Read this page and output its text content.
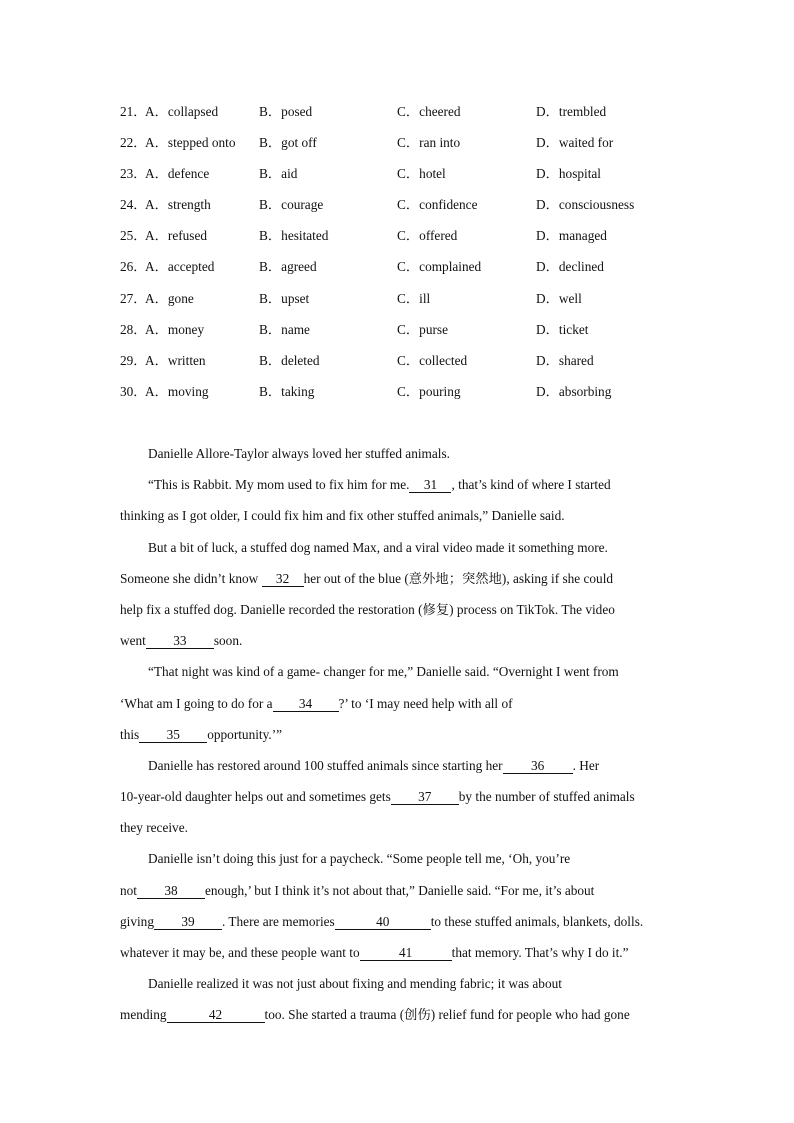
21．
A．collapsed	B．posed	C．cheered	D．trembled
22．
A．stepped onto B．got off	C．ran into	D．waited for
23．
A．defence	B．aid	C．hotel	D．hospital
24．
A．strength	B．courage	C．confidence	D．consciousness
25．
A．refused	B．hesitated	C．offered	D．managed
26．
A．accepted	B．agreed	C．complained	D．declined
27．
A．gone	B．upset	C．ill	D．well
28．
A．money	B．name	C．purse	D．ticket
29．
A．written	B．deleted	C．collected	D．shared
30．
A．moving	B．taking	C．pouring	D．absorbing
Danielle Allore-Taylor always loved her stuffed animals.
“This is Rabbit. My mom used to fix him for me. 31 , that’s kind of where I started
thinking as I got older, I could fix him and fix other stuffed animals,” Danielle said.
But a bit of luck, a stuffed dog named Max, and a viral video made it something more.
Someone she didn’t know 32 her out of the blue (意外地；突然地), asking if she could
help fix a stuffed dog. Danielle recorded the restoration (修复) process on TikTok. The video
went 33 soon.
“That night was kind of a game- changer for me,” Danielle said. “Overnight I went from
‘What am I going to do for a 34 ?’ to ‘I may need help with all of
this 35 opportunity.’”
Danielle has restored around 100 stuffed animals since starting her 36 . Her
10-year-old daughter helps out and sometimes gets 37 by the number of stuffed animals
they receive.
Danielle isn’t doing this just for a paycheck. “Some people tell me, ‘Oh, you’re
not 38 enough,’ but I think it’s not about that,” Danielle said. “For me, it’s about
giving 39 . There are memories	40	to these stuffed animals, blankets, dolls.
whatever it may be, and these people want to	41	that memory. That’s why I do it.”
Danielle realized it was not just about fixing and mending fabric; it was about
mending	42	too. She started a trauma (创伤) relief fund for people who had gone
